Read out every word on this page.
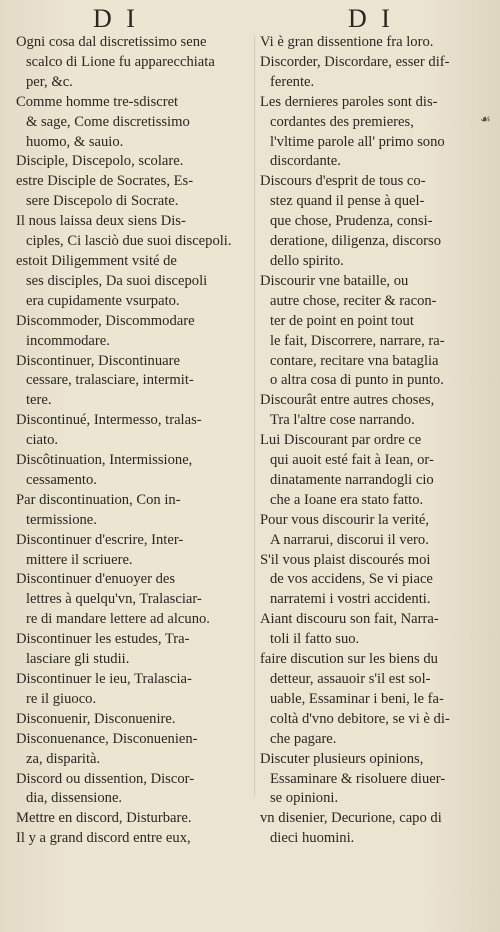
D I	D I
Ogni cosa dal discretissimo sene
scalco di Lione fu apparecchiata
per, &c.
Comme homme tre-sdiscret
& sage, Come discretissimo
huomo, & sauio.
Disciple, Discepolo, scolare.
estre Disciple de Socrates, Es-
sere Discepolo di Socrate.
Il nous laissa deux siens Dis-
ciples, Ci lasciò due suoi discepoli.
estoit Diligemment vsité de
ses disciples, Da suoi discepoli
era cupidamente vsurpato.
Discommoder, Discommodare
incommodare.
Discontinuer, Discontinuare
cessare, tralasciare, intermit-
tere.
Discontinué, Intermesso, tralas-
ciato.
Discôtinuation, Intermissione,
cessamento.
Par discontinuation, Con in-
termissione.
Discontinuer d'escrire, Inter-
mittere il scriuere.
Discontinuer d'enuoyer des
lettres à quelqu'vn, Tralasciar-
re di mandare lettere ad alcuno.
Discontinuer les estudes, Tra-
lasciare gli studii.
Discontinuer le ieu, Tralascia-
re il giuoco.
Disconuenir, Disconuenire.
Disconuenance, Disconuenien-
za, disparità.
Discord ou dissention, Discor-
dia, dissensione.
Mettre en discord, Disturbare.
Il y a grand discord entre eux,
Vi è gran dissentione fra loro.
Discorder, Discordare, esser dif-
ferente.
Les dernieres paroles sont dis-
cordantes des premieres,
l'vltime parole all' primo sono
discordante.
Discours d'esprit de tous co-
stez quand il pense à quel-
que chose, Prudenza, consi-
deratione, diligenza, discorso
dello spirito.
Discourir vne bataille, ou
autre chose, reciter & racon-
ter de point en point tout
le fait, Discorrere, narrare, ra-
contare, recitare vna bataglia
o altra cosa di punto in punto.
Discourât entre autres choses,
Tra l'altre cose narrando.
Lui Discourant par ordre ce
qui auoit esté fait à Iean, or-
dinatamente narrandogli cio
che a Ioane era stato fatto.
Pour vous discourir la verité,
A narrarui, discorui il vero.
S'il vous plaist discourés moi
de vos accidens, Se vi piace
narratemi i vostri accidenti.
Aiant discouru son fait, Narra-
toli il fatto suo.
faire discution sur les biens du
detteur, assauoir s'il est sol-
uable, Essaminar i beni, le fa-
coltà d'vno debitore, se vi è di-
che pagare.
Discuter plusieurs opinions,
Essaminare & risoluere diuer-
se opinioni.
vn disenier, Decurione, capo di
dieci huomini.
☙
